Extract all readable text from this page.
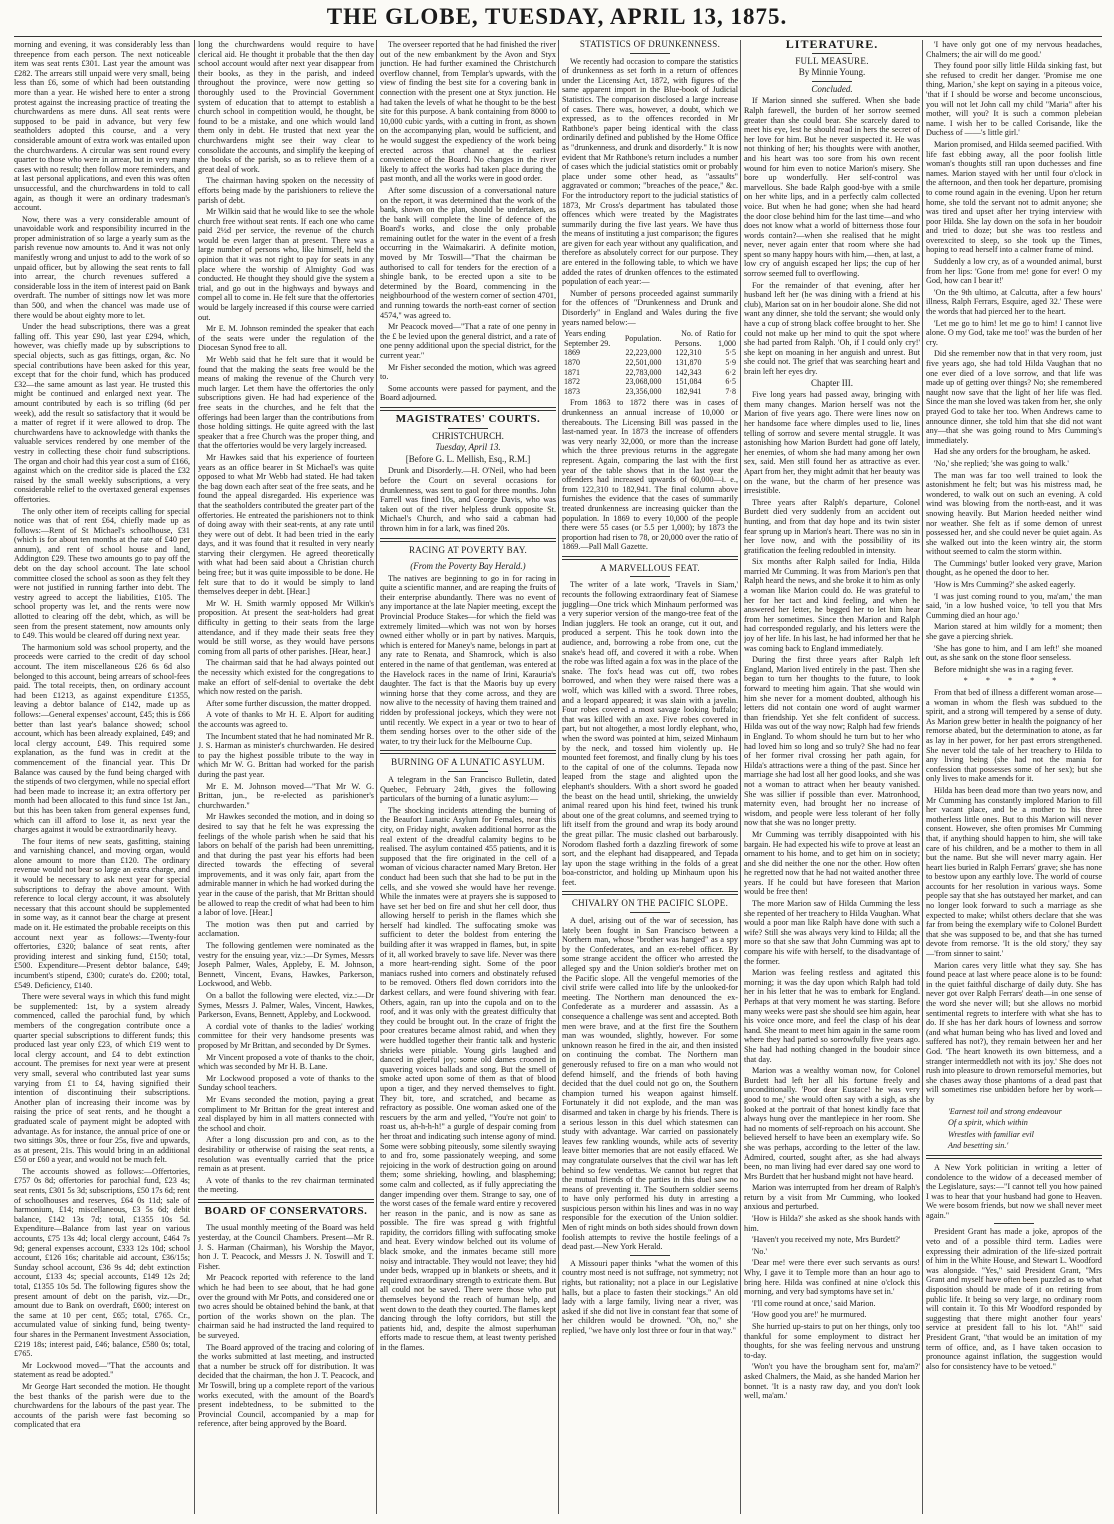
THE GLOBE, TUESDAY, APRIL 13, 1875.

morning and evening, it was considerably less than threepence from each person. The next noticeable item was seat rents £301. Last year the amount was £282. The arrears still unpaid were very small, being less than £6, some of which had been outstanding more than a year. He wished here to enter a strong protest against the increasing practice of treating the churchwardens as mere duns. All seat rents were supposed to be paid in advance, but very few seatholders adopted this course, and a very considerable amount of extra work was entailed upon the churchwardens. A circular was sent round every quarter to those who were in arrear, but in very many cases with no result; then follow more reminders, and at last personal applications, and even this was often unsuccessful, and the churchwardens in told to call again, as though it were an ordinary tradesman's account.

Now, there was a very considerable amount of unavoidable work and responsibility incurred in the proper administration of so large a yearly sum as the parish revenue now amounts to. And it was not only manifestly wrong and unjust to add to the work of so unpaid officer, but by allowing the seat rents to fall into arrear, the church revenues suffered a considerable loss in the item of interest paid on Bank overdraft. The number of sittings now let was more than 500, and when the chancel was made use of there would be about eighty more to let.

Under the head subscriptions, there was a great falling off. This year £90, last year £294, which, however, was chiefly made up by subscriptions to special objects, such as gas fittings, organ, &c. No special contributions have been asked for this year, except that for the choir fund, which has produced £32—the same amount as last year. He trusted this might be continued and enlarged next year. The amount contributed by each is so trifling (6d per week), add the result so satisfactory that it would be a matter of regret if it were allowed to drop. The churchwardens have to acknowledge with thanks the valuable services rendered by one member of the vestry in collecting these choir fund subscriptions. The organ and choir had this year cost a sum of £166, against which on the creditor side is placed the £32 raised by the small weekly subscriptions, a very considerable relief to the overtaxed general expenses offertories.

The only other item of receipts calling for special notice was that of rent £64, chiefly made up as follows:—Rent of St Michael's schoolhouse, £31 (which is for about ten months at the rate of £40 per annum), and rent of school house and land, Addington £29. These two amounts go to pay off the debt on the day school account. The late school committee closed the school as soon as they felt they were not justified in running farther into debt. The vestry agreed to accept the liabilities, £105. The school property was let, and the rents were now allotted to clearing off the debt, which, as will be seen from the present statement, now amounts only to £49. This would be cleared off during next year.

The harmonium sold was school property, and the proceeds were carried to the credit of day school account. The item miscellaneous £26 6s 6d also belonged to this account, being arrears of school-fees paid. The total receipts, then, on ordinary account had been £1213, as against expenditure £1355, leaving a debtor balance of £142, made up as follows:—General expenses' account, £45; this is £66 better than last year's balance showed; school account, which has been already explained, £49; and local clergy account, £49. This required some explanation, as the fund was in credit at the commencement of the financial year. This Dr Balance was caused by the fund being charged with the stipends of two clergymen, while no special effort had been made to increase it; an extra offertory per month had been allocated to this fund since 1st Jan., but this has been taken from general expenses fund, which can ill afford to lose it, as next year the charges against it would be extraordinarily heavy.

The four items of new seats, gasfitting, staining and varnishing chancel, and moving organ, would alone amount to more than £120. The ordinary revenue would not bear so large an extra charge, and it would be necessary to ask next year for special subscriptions to defray the above amount. With reference to local clergy account, it was absolutely necessary that this account should be supplemented in some way, as it cannot bear the charge at present made on it. He estimated the probable receipts on this account next year as follows:—Twenty-four offertories, £320; balance of seat rents, after providing interest and sinking fund, £150; total, £500. Expenditure—Present debtor balance, £49; incumbent's stipend, £300; curate's do. £200; total, £549. Deficiency, £140.

There were several ways in which this fund might be supplemented: 1st, by a system already commenced, called the parochial fund, by which members of the congregation contribute once a quarter special subscriptions to different funds; this produced last year only £23, of which £19 went to local clergy account, and £4 to debt extinction account. The premises for next year were at present very small, several who contributed last year sums varying from £1 to £4, having signified their intention of discontinuing their subscriptions. Another plan of increasing their income was by raising the price of seat rents, and he thought a graduated scale of payment might be adopted with advantage. As for instance, the annual price of one or two sittings 30s, three or four 25s, five and upwards, as at present, 21s. This would bring in an additional £50 or £60 a year, and would not be much felt.

The accounts showed as follows:—Offertories, £757 0s 8d; offertories for parochial fund, £23 4s; seat rents, £301 5s 3d; subscriptions, £50 17s 6d; rent of schoolhouses and reserves, £64 0s 11d; sale of harmonium, £14; miscellaneous, £3 5s 6d; debit balance, £142 13s 7d; total, £1355 10s 5d. Expenditure—Balance from last year on various accounts, £75 13s 4d; local clergy account, £464 7s 9d; general expenses account, £333 12s 10d; school account, £126 16s; charitable aid account, £36/15s; Sunday school account, £36 9s 4d; debt extinction account, £133 4s; special accounts, £149 12s 2d; total, £1355 10s 5d. The following figures show the present amount of debt on the parish, viz.—Dr., amount due to Bank on overdraft, £600; interest on the same at 10 per cent, £65; total, £765. Cr., accumulated value of sinking fund, being twenty-four shares in the Permanent Investment Association, £219 18s; interest paid, £46; balance, £580 0s; total, £765.

Mr Lockwood moved—"That the accounts and statement as read be adopted."

Mr George Hart seconded the motion. He thought the best thanks of the parish were due to the churchwardens for the labours of the past year. The accounts of the parish were fast becoming so complicated that era

long the churchwardens would require to have clerical aid. He thought it probable that the then day school account would after next year disappear from their books, as they in the parish, and indeed throughout the province, were now getting so thoroughly used to the Provincial Government system of education that to attempt to establish a church school in competition would, he thought, be found to be a mistake, and one which would land them only in debt. He trusted that next year the churchwardens might see their way clear to consolidate the accounts, and simplify the keeping of the books of the parish, so as to relieve them of a great deal of work.

The chairman having spoken on the necessity of efforts being made by the parishioners to relieve the parish of debt.

Mr Wilkin said that he would like to see the whole church free without seat rents. If each one who came paid 2½d per service, the revenue of the church would be even larger than at present. There was a large number of persons who, like himself, held the opinion that it was not right to pay for seats in any place where the worship of Almighty God was conducted. He thought they should give the system a trial, and go out in the highways and byways and compel all to come in. He felt sure that the offertories would be largely increased if this course were carried out.

Mr E. M. Johnson reminded the speaker that each of the seats were under the regulation of the Diocesan Synod free to all.

Mr Webb said that he felt sure that it would be found that the making the seats free would be the means of making the revenue of the Church very much larger. Let them have the offertories the only subscriptions given. He had had experience of the free seats in the churches, and he felt that the offerings had been larger than the contributions from those holding sittings. He quite agreed with the last speaker that a free Church was the proper thing, and that the offertories would be very largely increased.

Mr Hawkes said that his experience of fourteen years as an office bearer in St Michael's was quite opposed to what Mr Webb had stated. He had taken the bag down each after seat of the free seats, and he found the appeal disregarded. His experience was that the seatholders contributed the greater part of the offertories. He entreated the parishioners not to think of doing away with their seat-rents, at any rate until they were out of debt. It had been tried in the early days, and it was found that it resulted in very nearly starving their clergymen. He agreed theoretically with what had been said about a Christian church being free; but it was quite impossible to be done. He felt sure that to do it would be simply to land themselves deeper in debt. [Hear.]

Mr W. H. Smith warmly opposed Mr Wilkin's proposition. At present the seat-holders had great difficulty in getting to their seats from the large attendance, and if they made their seats free they would be still worse, as they would have persons coming from all parts of other parishes. [Hear, hear.]

The chairman said that he had always pointed out the necessity which existed for the congregations to make an effort of self-denial to overtake the debt which now rested on the parish.

After some further discussion, the matter dropped.

A vote of thanks to Mr H. E. Alport for auditing the accounts was agreed to.

The Incumbent stated that he had nominated Mr R. J. S. Harman as minister's churchwarden. He desired to pay the highest possible tribute to the way in which Mr W. G. Brittan had worked for the parish during the past year.

Mr E. M. Johnson moved—"That Mr W. G. Brittan, jun., be re-elected as parishioner's churchwarden."

Mr Hawkes seconded the motion, and in doing so desired to say that he felt he was expressing the feelings of the whole parish when he said that his labors on behalf of the parish had been unremitting, and that during the past year his efforts had been directed towards the effecting of several improvements, and it was only fair, apart from the admirable manner in which he had worked during the year in the cause of the parish, that Mr Brittan should be allowed to reap the credit of what had been to him a labor of love. [Hear.]

The motion was then put and carried by acclamation.

The following gentlemen were nominated as the vestry for the ensuing year, viz.:—Dr Symes, Messrs Joseph Palmer, Wales, Appleby, E. M. Johnson, Bennett, Vincent, Evans, Hawkes, Parkerson, Lockwood, and Webb.

On a ballot the following were elected, viz.:—Dr Symes, Messrs J. Palmer, Wales, Vincent, Hawkes, Parkerson, Evans, Bennett, Appleby, and Lockwood.

A cordial vote of thanks to the ladies' working committee for their very handsome presents was proposed by Mr Brittan, and seconded by Dr Symes.

Mr Vincent proposed a vote of thanks to the choir, which was seconded by Mr H. B. Lane.

Mr Lockwood proposed a vote of thanks to the Sunday school teachers.

Mr Evans seconded the motion, paying a great compliment to Mr Brittan for the great interest and zeal displayed by him in all matters connected with the school and choir.

After a long discussion pro and con, as to the desirability or otherwise of raising the seat rents, a resolution was eventually carried that the price remain as at present.

A vote of thanks to the rev chairman terminated the meeting.

BOARD OF CONSERVATORS.

The usual monthly meeting of the Board was held yesterday, at the Council Chambers. Present—Mr R. J. S. Harman (Chairman), his Worship the Mayor, hon J. T. Peacock, and Messrs J. N. Toswill and T. Fisher.

Mr Peacock reported with reference to the land which he had been to see about, that he had gone over the ground with Mr Potts, and considered one or two acres should be obtained behind the bank, at that portion of the works shown on the plan. The chairman said he had instructed the land required to be surveyed.

The Board approved of the tracing and coloring of the works submitted at last meeting, and instructed that a number be struck off for distribution. It was decided that the chairman, the hon J. T. Peacock, and Mr Toswill, bring up a complete report of the various works executed, with the amount of the Board's present indebtedness, to be submitted to the Provincial Council, accompanied by a map for reference, after being approved by the Board.

The overseer reported that he had finished the river out of the new embankment by the Avon and Styx junction. He had further examined the Christchurch overflow channel, from Templar's upwards, with the view of finding the best site for a covering bank in connection with the present one at Styx junction. He had taken the levels of what he thought to be the best site for this purpose. A bank containing from 8000 to 10,000 cubic yards, with a cutting in front, as shown on the accompanying plan, would be sufficient, and he would suggest the expediency of the work being erected across that channel at the earliest convenience of the Board. No changes in the river likely to affect the works had taken place during the past month, and all the works were in good order.

After some discussion of a conversational nature on the report, it was determined that the work of the bank, shown on the plan, should be undertaken, as the bank will complete the line of defence of the Board's works, and close the only probable remaining outlet for the water in the event of a fresh occurring in the Waimakariri. A definite motion, moved by Mr Toswill—"That the chairman be authorised to call for tenders for the erection of a shingle bank, to be erected upon a site to be determined by the Board, commencing in the neighbourhood of the western corner of section 4701, and running towards the north-east corner of section 4574," was agreed to.

Mr Peacock moved—"That a rate of one penny in the £ be levied upon the general district, and a rate of one penny additional upon the special district, for the current year."

Mr Fisher seconded the motion, which was agreed to.

Some accounts were passed for payment, and the Board adjourned.

MAGISTRATES' COURTS.

CHRISTCHURCH.

Tuesday, April 13.

[Before G. L. Mellish, Esq., R.M.]

Drunk and Disorderly.—H. O'Neil, who had been before the Court on several occasions for drunkenness, was sent to gaol for three months. John Farrell was fined 10s, and George Davis, who was taken out of the river helpless drunk opposite St. Michael's Church, and who said a cabman had thrown him in for a lark, was fined 20s.

RACING AT POVERTY BAY.

(From the Poverty Bay Herald.)

The natives are beginning to go in for racing in quite a scientific manner, and are reaping the fruits of their enterprise abundantly. There was no event of any importance at the late Napier meeting, except the Provincial Produce Stakes—for which the field was extremely limited—which was not won by horses owned either wholly or in part by natives. Marquis, which is entered for Maney's name, belongs in part at any rate to Renata, and Shamrock, which is also entered in the name of that gentleman, was entered at the Havelock races in the name of Irini, Karauria's daughter. The fact is that the Maoris buy up every winning horse that they come across, and they are now alive to the necessity of having them trained and ridden by professional jockeys, which they were not until recently. We expect in a year or two to hear of them sending horses over to the other side of the water, to try their luck for the Melbourne Cup.

BURNING OF A LUNATIC ASYLUM.

A telegram in the San Francisco Bulletin, dated Quebec, February 24th, gives the following particulars of the burning of a lunatic asylum:—

The shocking incidents attending the burning of the Beaufort Lunatic Asylum for Females, near this city, on Friday night, awaken additional horror as the real extent of the dreadful calamity begins to be realised. The asylum contained 455 patients, and it is supposed that the fire originated in the cell of a woman of vicious character named Mary Breton. Her conduct had been such that she had to be put in the cells, and she vowed she would have her revenge. While the inmates were at prayers she is supposed to have set her bed on fire and shut her cell door, thus allowing herself to perish in the flames which she herself had kindled. The suffocating smoke was sufficient to deter the boldest from entering the building after it was wrapped in flames, but, in spite of it, all worked bravely to save life. Never was there a more heart-rending sight. Some of the poor maniacs rushed into corners and obstinately refused to be removed. Others fled down corridors into the darkest cellars, and were found shivering with fear. Others, again, ran up into the cupola and on to the roof, and it was only with the greatest difficulty that they could be brought out. In the craze of fright the poor creatures became almost rabid, and when they were huddled together their frantic talk and hysteric shrieks were pitiable. Young girls laughed and danced in gleeful joy; some old dames crooned in quavering voices ballads and song. But the smell of smoke acted upon some of them as that of blood upon a tiger, and they nerved themselves to fight. They bit, tore, and scratched, and became as refractory as possible. One woman asked one of the rescuers by the arm and yelled, "You're not goin' to roast us, ah-h-h-h!" a gurgle of despair coming from her throat and indicating such intense agony of mind. Some were sobbing piteously, some silently swaying to and fro, some passionately weeping, and some rejoicing in the work of destruction going on around them; some shrieking, howling, and blaspheming; some calm and collected, as if fully appreciating the danger impending over them. Strange to say, one of the worst cases of the female ward entire y recovered her reason in the panic, and is now as sane as possible. The fire was spread g with frightful rapidity, the corridors filling with suffocating smoke and heat. Every window belched out its volume of black smoke, and the inmates became still more noisy and intractable. They would not leave; they hid under beds, wrapped up in blankets or sheets, and it required extraordinary strength to extricate them. But all could not be saved. There were those who put themselves beyond the reach of human help, and went down to the death they courted. The flames kept dancing through the lofty corridors, but still the patients hid, and, despite the almost superhuman efforts made to rescue them, at least twenty perished in the flames.

STATISTICS OF DRUNKENNESS.

We recently had occasion to compare the statistics of drunkenness as set forth in a return of offences under the Licensing Act, 1872, with figures of the same apparent import in the Blue-book of Judicial Statistics. The comparison disclosed a large increase of cases. There was, however, a doubt, which we expressed, as to the offences recorded in Mr Rathbone's paper being identical with the class ordinarily defined and published by the Home Office as "drunkenness, and drunk and disorderly." It is now evident that Mr Rathbone's return includes a number of cases which the judicial statistics omit or probably place under some other head, as "assaults" aggravated or common; "breaches of the peace," &c. For the introductory report to the judicial statistics of 1873, Mr Cross's department has tabulated those offences which were treated by the Magistrates summarily during the five last years. We have thus the means of instituting a just comparison; the figures are given for each year without any qualification, and therefore as absolutely correct for our purpose. They are entered in the following table, to which we have added the rates of drunken offences to the estimated population of each year:—

Number of persons proceeded against summarily for the offences of "Drunkenness and Drunk and Disorderly" in England and Wales during the five years named below:—

Years ending September 29.	Population.	No. of Persons.	Ratio for 1,000
1869	22,223,000	122,310	5·5
1870	22,501,000	131,870	5·9
1871	22,783,000	142,343	6·2
1872	23,068,000	151,084	6·5
1873	23,356,000	182,941	7·8

From 1863 to 1872 there was in cases of drunkenness an annual increase of 10,000 or thereabouts. The Licensing Bill was passed in the last-named year. In 1873 the increase of offenders was very nearly 32,000, or more than the increase which the three previous returns in the aggregate represent. Again, comparing the last with the first year of the table shows that in the last year the offenders had increased upwards of 60,000—i. e., from 122,310 to 182,941. The final column above furnishes the evidence that the cases of summarily treated drunkenness are increasing quicker than the population. In 1869 to every 10,000 of the people there were 55 cases (or 5.5 per 1,000); by 1873 the proportion had risen to 78, or 20,000 over the ratio of 1869.—Pall Mall Gazette.

A MARVELLOUS FEAT.

The writer of a late work, 'Travels in Siam,' recounts the following extraordinary feat of Siamese juggling—One trick which Minhaum performed was a very superior version of the mango-tree feat of the Indian jugglers. He took an orange, cut it out, and produced a serpent. This he took down into the audience, and, borrowing a robe from one, cut the snake's head off, and covered it with a robe. When the robe was lifted again a fox was in the place of the snake. The fox's head was cut off, two robes borrowed, and when they were raised there was a wolf, which was killed with a sword. Three robes, and a leopard appeared; it was slain with a javelin. Four robes covered a most savage looking buffalo; that was killed with an axe. Five robes covered in part, but not altogether, a most lordly elephant, who, when the sword was pointed at him, seized Minhaum by the neck, and tossed him violently up. He mounted feet foremost, and finally clung by his toes to the capital of one of the columns. Tepada now leaped from the stage and alighted upon the elephant's shoulders. With a short sword he goaded the beast on the head until, shrieking, the unwieldy animal reared upon his hind feet, twined his trunk about one of the great columns, and seemed trying to lift itself from the ground and wrap its body around the great pillar. The music clashed out barbarously. Norodom flashed forth a dazzling firework of some sort, and the elephant had disappeared, and Tepada lay upon the stage writhing in the folds of a great boa-constrictor, and holding up Minhaum upon his feet.

CHIVALRY ON THE PACIFIC SLOPE.

A duel, arising out of the war of secession, has lately been fought in San Francisco between a Northern man, whose "brother was hanged" as a spy by the Confederates, and an ex-rebel officer. By some strange accident the officer who arrested the alleged spy and the Union soldier's brother met on the Pacific slope. All the vengeful memories of the civil strife were called into life by the unlooked-for meeting. The Northern man denounced the ex-Confederate as a murderer and assassin. As a consequence a challenge was sent and accepted. Both men were brave, and at the first fire the Southern man was wounded, slightly, however. For some unknown reason he fired in the air, and then insisted on continuing the combat. The Northern man generously refused to fire on a man who would not defend himself, and the friends of both having decided that the duel could not go on, the Southern champion turned his weapon against himself. Fortunately it did not explode, and the man was disarmed and taken in charge by his friends. There is a serious lesson in this duel which statesmen can study with advantage. War carried on passionately leaves few rankling wounds, while acts of severity leave bitter memories that are not easily effaced. We may congratulate ourselves that the civil war has left behind so few vendettas. We cannot but regret that the mutual friends of the parties in this duel saw no means of preventing it. The Southern soldier seems to have only performed his duty in arresting a suspicious person within his lines and was in no way responsible for the execution of the Union soldier. Men of right minds on both sides should frown down foolish attempts to revive the hostile feelings of a dead past.—New York Herald.

A Missouri paper thinks "what the women of this country most need is not suffrage, not symmetry; not rights, but rationality; not a place in our Legislative halls, but a place to fasten their stockings." An old lady with a large family, living near a river, was asked if she did not live in constant fear that some of her children would be drowned. "Oh, no," she replied, "we have only lost three or four in that way."

LITERATURE.

FULL MEASURE.

By Minnie Young.

Concluded.

If Marion sinned she suffered. When she bade Ralph farewell, the burden of her sorrow seemed greater than she could bear. She scarcely dared to meet his eye, lest he should read in hers the secret of her love for him. But he never suspected it. He was not thinking of her; his thoughts were with another, and his heart was too sore from his own recent wound for him even to notice Marion's misery. She bore up wonderfully. Her self-control was marvellous. She bade Ralph good-bye with a smile on her white lips, and in a perfectly calm collected voice. But when he had gone; when she had heard the door close behind him for the last time—and who does not know what a world of bitterness those four words contain?—when she realised that he might never, never again enter that room where she had spent so many happy hours with him,—then, at last, a low cry of anguish escaped her lips; the cup of her sorrow seemed full to overflowing.

For the remainder of that evening, after her husband left her (he was dining with a friend at his club), Marion sat on in her boudoir alone. She did not want any dinner, she told the servant; she would only have a cup of strong black coffee brought to her. She could not make up her mind to quit the spot where she had parted from Ralph. 'Oh, if I could only cry!' she kept on moaning in her anguish and unrest. But she could not. The grief that was searching heart and brain left her eyes dry.

Chapter III.

Five long years had passed away, bringing with them many changes. Marion herself was not the Marion of five years ago. There were lines now on her handsome face where dimples used to lie, lines telling of sorrow and severe mental struggle. It was astonishing how Marion Burdett had gone off lately, her enemies, of whom she had many among her own sex, said. Men still found her as attractive as ever. Apart from her, they might admit that her beauty was on the wane, but the charm of her presence was irresistible.

Three years after Ralph's departure, Colonel Burdett died very suddenly from an accident out hunting, and from that day hope and its twin sister fear sprung up in Marion's heart. There was no sin in her love now, and with the possibility of its gratification the feeling redoubled in intensity.

Six months after Ralph sailed for India, Hilda married Mr Cumming. It was from Marion's pen that Ralph heard the news, and she broke it to him as only a woman like Marion could do. He was grateful to her for her tact and kind feeling, and when he answered her letter, he begged her to let him hear from her sometimes. Since then Marion and Ralph had corresponded regularly, and his letters were the joy of her life. In his last, he had informed her that he was coming back to England immediately.

During the first three years after Ralph left England, Marion lived entirely in the past. Then she began to turn her thoughts to the future, to look forward to meeting him again. That she would win him she never for a moment doubted, although his letters did not contain one word of aught warmer than friendship. Yet she felt confident of success. Hilda was out of the way now; Ralph had few friends in England. To whom should he turn but to her who had loved him so long and so truly? She had no fear of her former rival crossing her path again, for Hilda's attractions were a thing of the past. Since her marriage she had lost all her good looks, and she was not a woman to attract when her beauty vanished. She was sillier if possible than ever. Matronhood, maternity even, had brought her no increase of wisdom, and people were less tolerant of her folly now that she was no longer pretty.

Mr Cumming was terribly disappointed with his bargain. He had expected his wife to prove at least an ornament to his home, and to get him on in society; and she did neither the one nor the other. How often he regretted now that he had not waited another three years. If he could but have foreseen that Marion would be free then!

The more Marion saw of Hilda Cumming the less she repented of her treachery to Hilda Vaughan. What would a poor man like Ralph have done with such a wife? Still she was always very kind to Hilda; all the more so that she saw that John Cumming was apt to compare his wife with herself, to the disadvantage of the former.

Marion was feeling restless and agitated this morning; it was the day upon which Ralph had told her in his letter that he was to embark for England. Perhaps at that very moment he was starting. Before many weeks were past she should see him again, hear his voice once more, and feel the clasp of his dear hand. She meant to meet him again in the same room where they had parted so sorrowfully five years ago. She had had nothing changed in the boudoir since that day.

Marion was a wealthy woman now, for Colonel Burdett had left her all his fortune freely and unconditionally. 'Poor dear Eustace! he was very good to me,' she would often say with a sigh, as she looked at the portrait of that honest kindly face that always hung over the mantlepiece in her room. She had no moments of self-reproach on his account. She believed herself to have been an exemplary wife. So she was perhaps, according to the letter of the law. Admired, courted, sought after, as she had always been, no man living had ever dared say one word to Mrs Burdett that her husband might not have heard.

Marion was interrupted from her dream of Ralph's return by a visit from Mr Cumming, who looked anxious and perturbed.

'How is Hilda?' she asked as she shook hands with him.

'Haven't you received my note, Mrs Burdett?'

'No.'

'Dear me! were there ever such servants as ours! Why, I gave it to Temple more than an hour ago to bring here. Hilda was confined at nine o'clock this morning, and very bad symptoms have set in.'

'I'll come round at once,' said Marion.

'How good you are!' he murmured.

She hurried up-stairs to put on her things, only too thankful for some employment to distract her thoughts, for she was feeling nervous and unstrung to-day.

'Won't you have the brougham sent for, ma'am?' asked Chalmers, the Maid, as she handed Marion her bonnet. 'It is a nasty raw day, and you don't look well, ma'am.'

'I have only got one of my nervous headaches, Chalmers; the air will do me good.'

They found poor silly little Hilda sinking fast, but she refused to credit her danger. 'Promise me one thing, Marion,' she kept on saying in a piteous voice, 'that if I should be worse and become unconscious, you will not let John call my child "Maria" after his mother, will you? It is such a common plebeian name. I wish her to be called Corisande, like the Duchess of ——'s little girl.'

Marion promised, and Hilda seemed pacified. With life fast ebbing away, all the poor foolish little woman's thoughts still ran upon duchesses and fine names. Marion stayed with her until four o'clock in the afternoon, and then took her departure, promising to come round again in the evening. Upon her return home, she told the servant not to admit anyone; she was tired and upset after her trying interview with poor Hilda. She lay down on the sofa in her boudoir and tried to doze; but she was too restless and overexcited to sleep, so she took up the Times, hoping to read herself into a calmer frame of mind.

Suddenly a low cry, as of a wounded animal, burst from her lips: 'Gone from me! gone for ever! O my God, how can I bear it!'

'On the 9th ultimo, at Calcutta, after a few hours' illness, Ralph Ferrars, Esquire, aged 32.' These were the words that had pierced her to the heart.

'Let me go to him! let me go to him! I cannot live alone. O my God, take me too!' was the burden of her cry.

Did she remember now that in that very room, just five years ago, she had told Hilda Vaughan that no one ever died of a love sorrow, and that life was made up of getting over things? No; she remembered naught now save that the light of her life was fled. Since the man she loved was taken from her, she only prayed God to take her too. When Andrews came to announce dinner, she told him that she did not want any—that she was going round to Mrs Cumming's immediately.

Had she any orders for the brougham, he asked.

'No,' she replied; 'she was going to walk.'

The man was far too well trained to look the astonishment he felt; but was his mistress mad, he wondered, to walk out on such an evening. A cold wind was blowing from the north-east, and it was snowing heavily. But Marion heeded neither wind nor weather. She felt as if some demon of unrest possessed her, and she could never be quiet again. As she walked out into the keen wintry air, the storm without seemed to calm the storm within.

The Cummings' butler looked very grave, Marion thought, as he opened the door to her.

'How is Mrs Cumming?' she asked eagerly.

'I was just coming round to you, ma'am,' the man said, 'in a low hushed voice, 'to tell you that Mrs Cumming died an hour ago.'

Marion stared at him wildly for a moment; then she gave a piercing shriek.

'She has gone to him, and I am left!' she moaned out, as she sank on the stone floor senseless.

Before midnight she was in a raging fever.

* * * * *

From that bed of illness a different woman arose—a woman in whom the flesh was subdued to the spirit, and a strong will tempered by a sense of duty. As Marion grew better in health the poignancy of her remorse abated, but the determination to atone, as far as lay in her power, for her past errors strengthened. She never told the tale of her treachery to Hilda to any living being (she had not the mania for confession that possesses some of her sex); but she only lives to make amends for it.

Hilda has been dead more than two years now, and Mr Cumming has constantly implored Marion to fill her vacant place, and be a mother to his three motherless little ones. But to this Marion will never consent. However, she often promises Mr Cumming that, if anything should happen to him, she will take care of his children, and be a mother to them in all but the name. But she will never marry again. Her heart lies buried in Ralph Ferrars' grave; she has none to bestow upon any earthly love. The world of course accounts for her resolution in various ways. Some people say that she has outstayed her market, and can no longer look forward to such a marriage as she expected to make; whilst others declare that she was far from being the exemplary wife to Colonel Burdett that she was supposed to be, and that she has turned devote from remorse. 'It is the old story,' they say—'from sinner to saint.'

Marion cares very little what they say. She has found peace at last where peace alone is to be found: in the quiet faithful discharge of daily duty. She has never got over Ralph Ferrars' death—in one sense of the word she never will; but she allows no morbid sentimental regrets to interfere with what she has to do. If she has her dark hours of lowness and sorrow (and what human being who has lived and loved and suffered has not?), they remain between her and her God. 'The heart knoweth its own bitterness, and a stranger intermeddleth not with its joy.' She does not rush into pleasure to drown remorseful memories, but she chases away those phantoms of a dead past that will sometimes rise unbidden before her by work—by

'Earnest toil and strong endeavour

Of a spirit, which within

Wrestles with familiar evil

And besetting sin.'

A New York politician in writing a letter of condolence to the widow of a deceased member of the Legislature, says:—"I cannot tell you how pained I was to hear that your husband had gone to Heaven. We were bosom friends, but now we shall never meet again."

President Grant has made a joke, apropos of the veto and of a possible third term. Ladies were expressing their admiration of the life-sized portrait of him in the White House, and Stewart L. Woodford was alongside. "Yes," said President Grant, "Mrs Grant and myself have often been puzzled as to what disposition should be made of it on retiring from public life. It being so very large, no ordinary room will contain it. To this Mr Woodford responded by suggesting that there might another four years' service at president fall to his lot. "Ah!" said President Grant, "that would be an imitation of my term of office, and, as I have taken occasion to pronounce against inflation, the suggestion would also for consistency have to be vetoed."
